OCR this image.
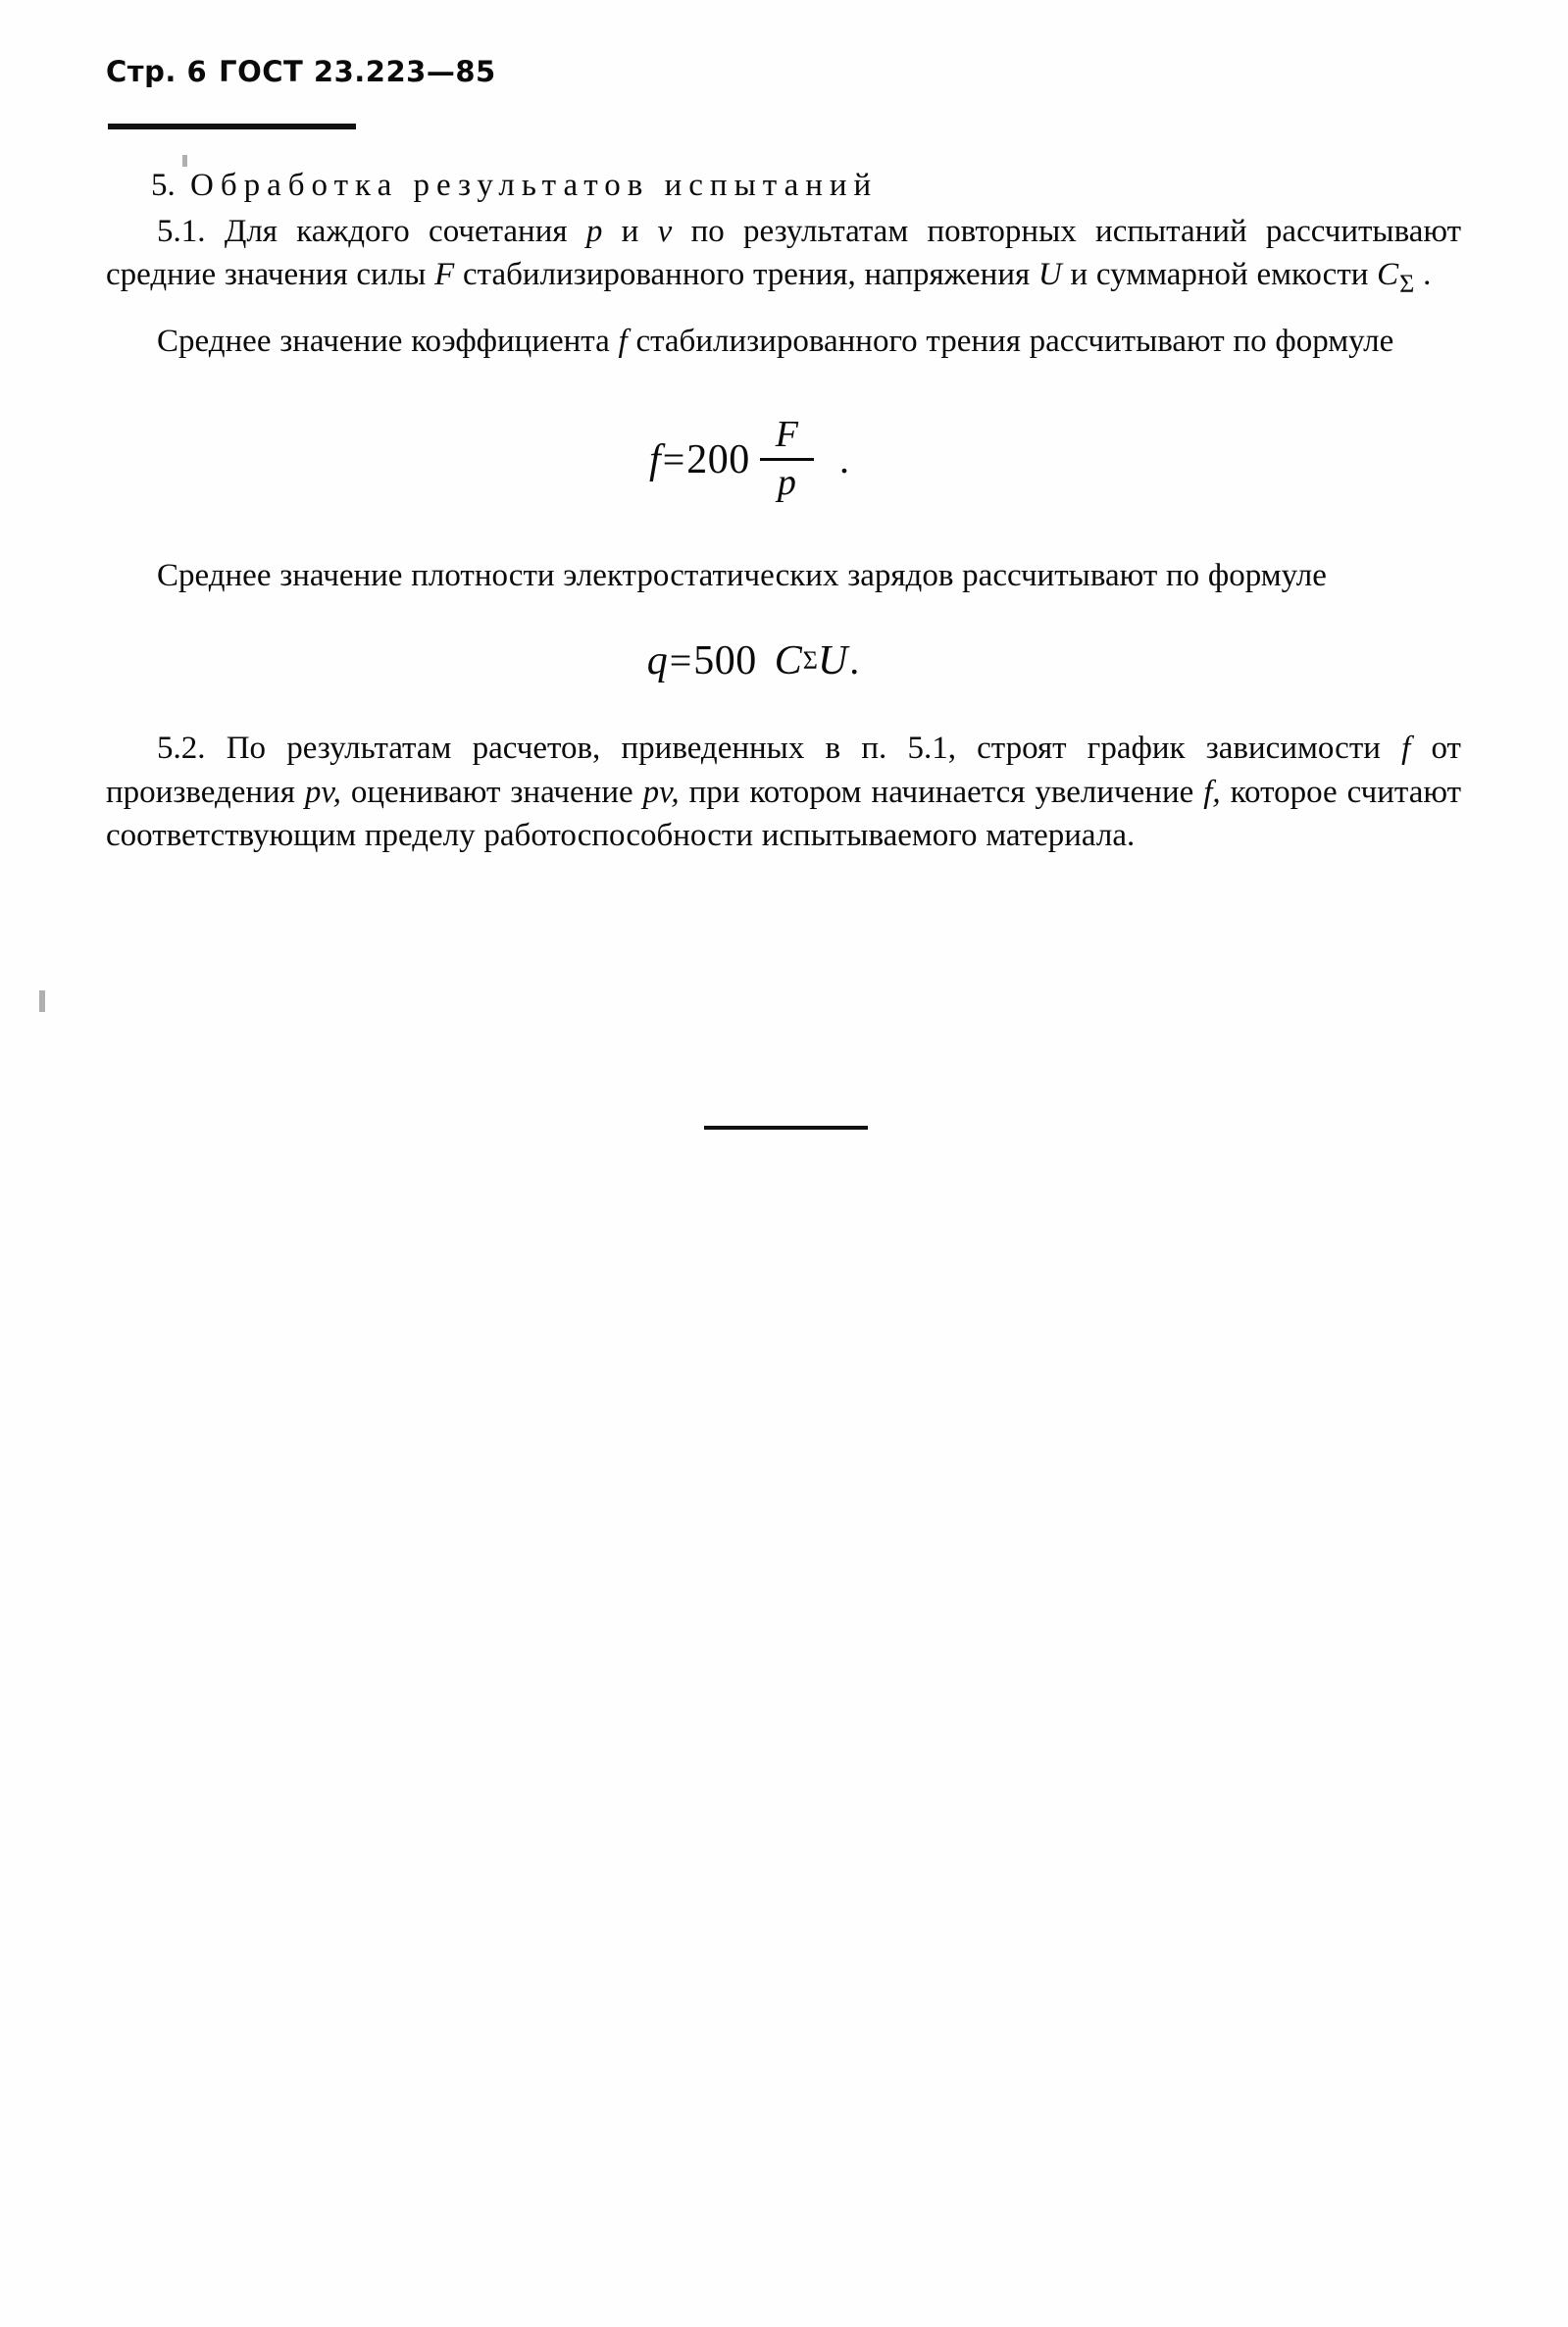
Стр. 6 ГОСТ 23.223—85
5. Обработка результатов испытаний

5.1. Для каждого сочетания p и v по результатам повторных испытаний рассчитывают средние значения силы F стабилизированного трения, напряжения U и суммарной емкости $C_\Sigma$ .

Среднее значение коэффициента f стабилизированного трения рассчитывают по формуле

$f = 200 \frac{F}{p}$ .

Среднее значение плотности электростатических зарядов рассчитывают по формуле

q = 500 C Σ U .

5.2. По результатам расчетов, приведенных в п. 5.1, строят график зависимости f от произведения pv, оценивают значение pv, при котором начинается увеличение f, которое считают соответствующим пределу работоспособности испытываемого материала.
